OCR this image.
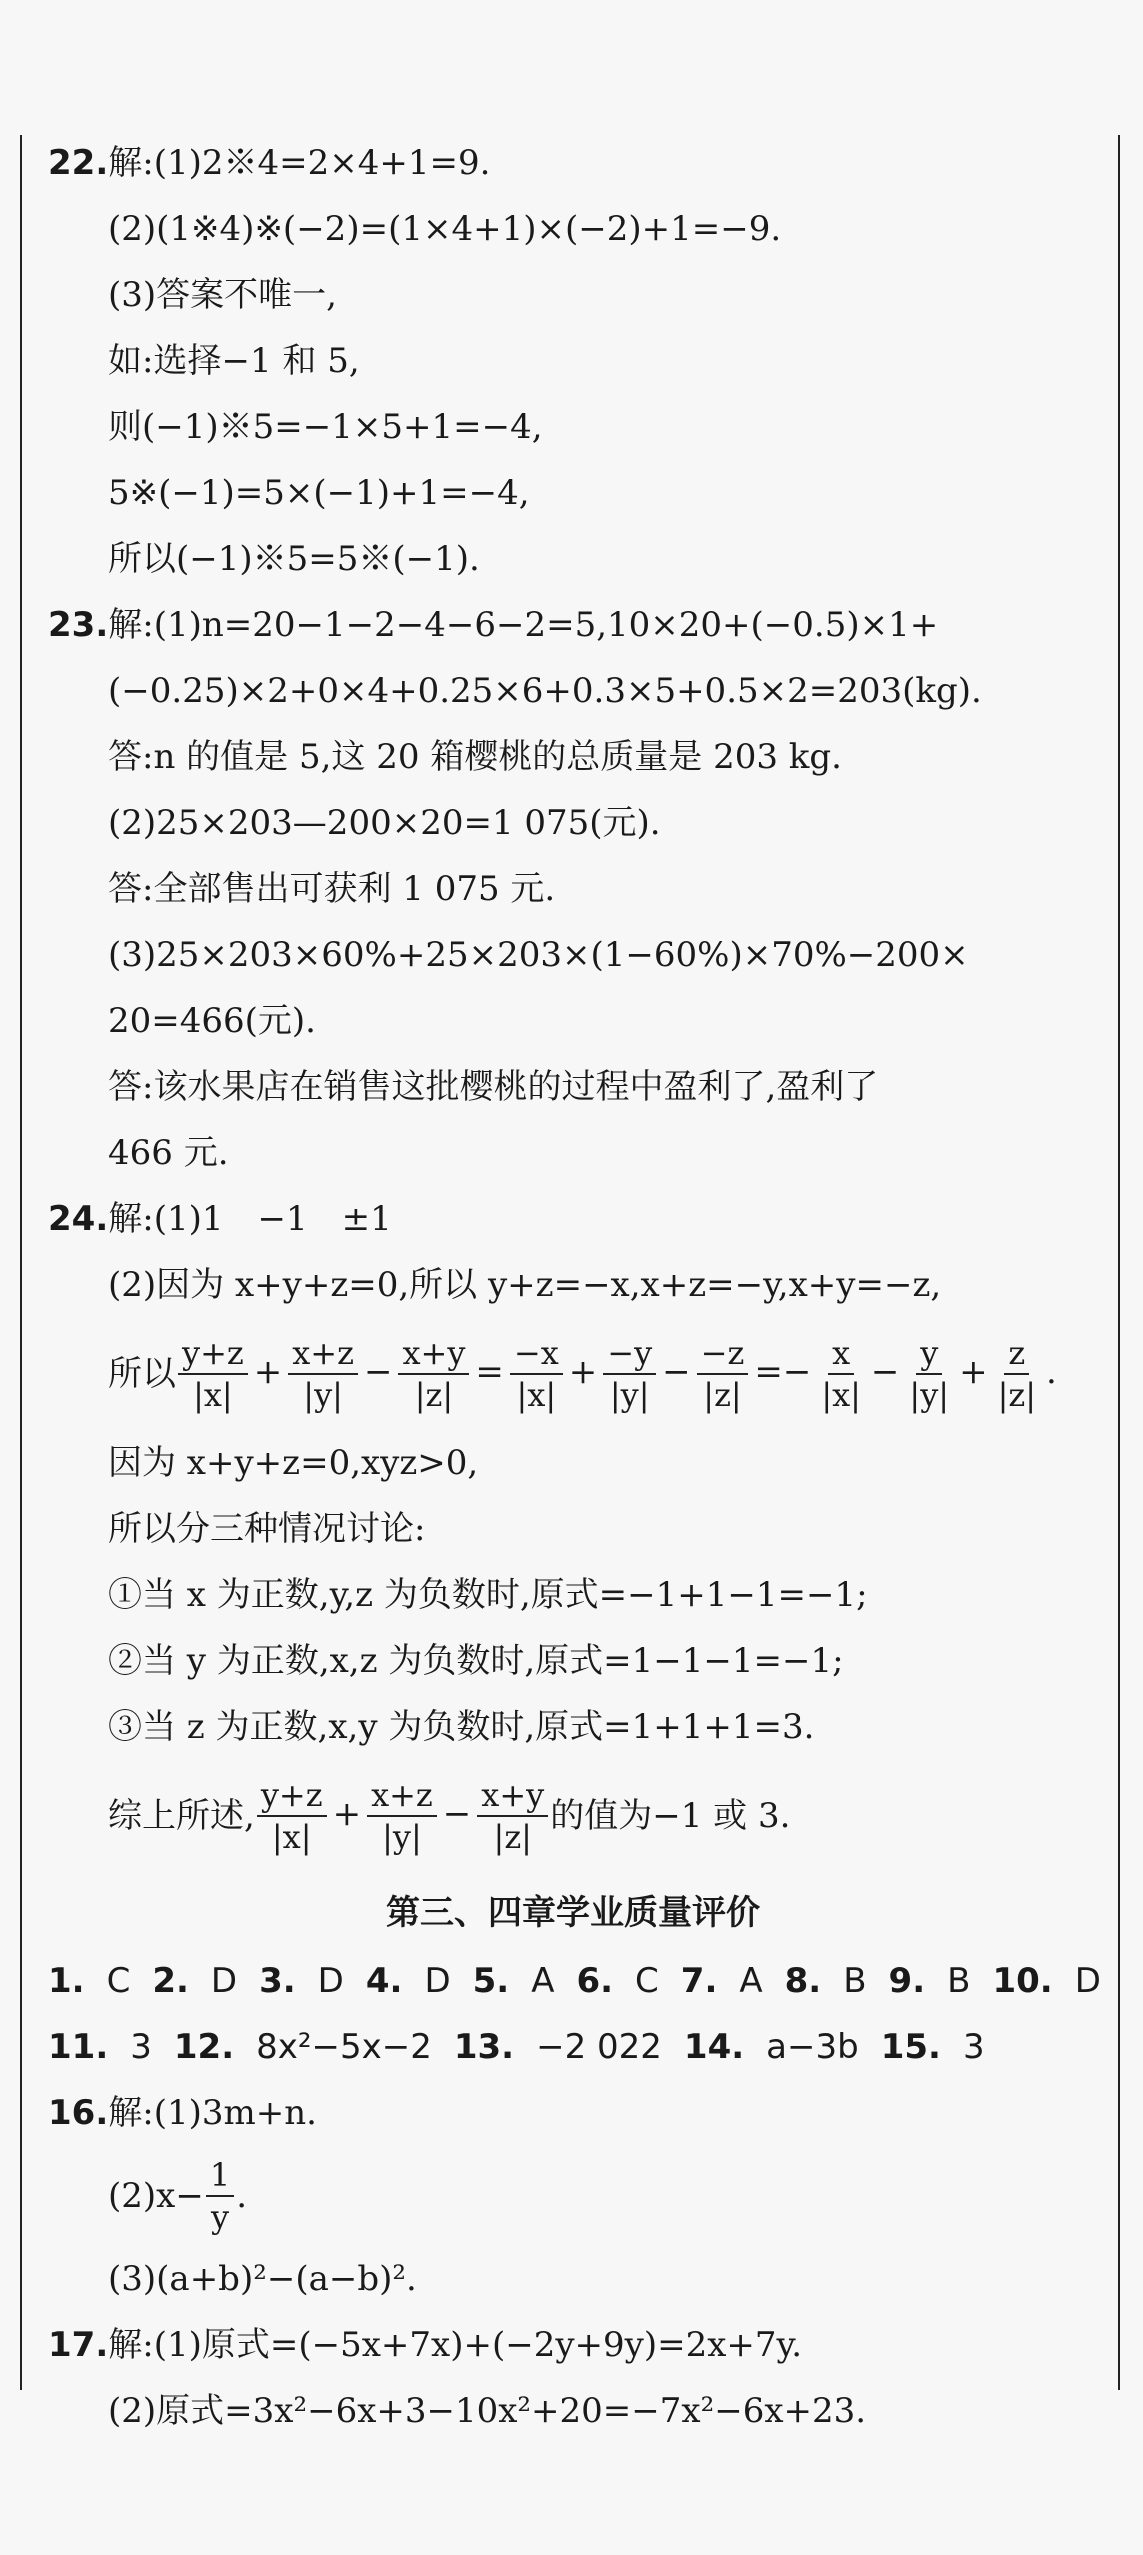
22.解:(1)2※4=2×4+1=9.
(2)(1※4)※(−2)=(1×4+1)×(−2)+1=−9.
(3)答案不唯一,
如:选择−1 和 5,
则(−1)※5=−1×5+1=−4,
5※(−1)=5×(−1)+1=−4,
所以(−1)※5=5※(−1).
23.解:(1)n=20−1−2−4−6−2=5,10×20+(−0.5)×1+
(−0.25)×2+0×4+0.25×6+0.3×5+0.5×2=203(kg).
答:n 的值是 5,这 20 箱樱桃的总质量是 203 kg.
(2)25×203—200×20=1 075(元).
答:全部售出可获利 1 075 元.
(3)25×203×60%+25×203×(1−60%)×70%−200×
20=466(元).
答:该水果店在销售这批樱桃的过程中盈利了,盈利了
466 元.
24.解:(1)1　−1　±1
(2)因为 x+y+z=0,所以 y+z=−x,x+z=−y,x+y=−z,
所以 $\frac{y+z}{|x|} + \frac{x+z}{|y|} - \frac{x+y}{|z|} = \frac{-x}{|x|} + \frac{-y}{|y|} - \frac{-z}{|z|} =- \frac{x}{|x|} - \frac{y}{|y|} + \frac{z}{|z|}$ .
因为 x+y+z=0,xyz>0,
所以分三种情况讨论:
①当 x 为正数,y,z 为负数时,原式=−1+1−1=−1;
②当 y 为正数,x,z 为负数时,原式=1−1−1=−1;
③当 z 为正数,x,y 为负数时,原式=1+1+1=3.
综上所述, $\frac{y+z}{|x|} + \frac{x+z}{|y|} - \frac{x+y}{|z|}$ 的值为−1 或 3.
第三、四章学业质量评价
1. C 2. D 3. D 4. D 5. A 6. C 7. A 8. B 9. B 10. D
11. 3 12. 8x²−5x−2 13. −2 022 14. a−3b 15. 3
16.解:(1)3m+n.
$(2)x- \frac{1}{y}$ .
(3)(a+b)²−(a−b)².
17.解:(1)原式=(−5x+7x)+(−2y+9y)=2x+7y.
(2)原式=3x²−6x+3−10x²+20=−7x²−6x+23.
